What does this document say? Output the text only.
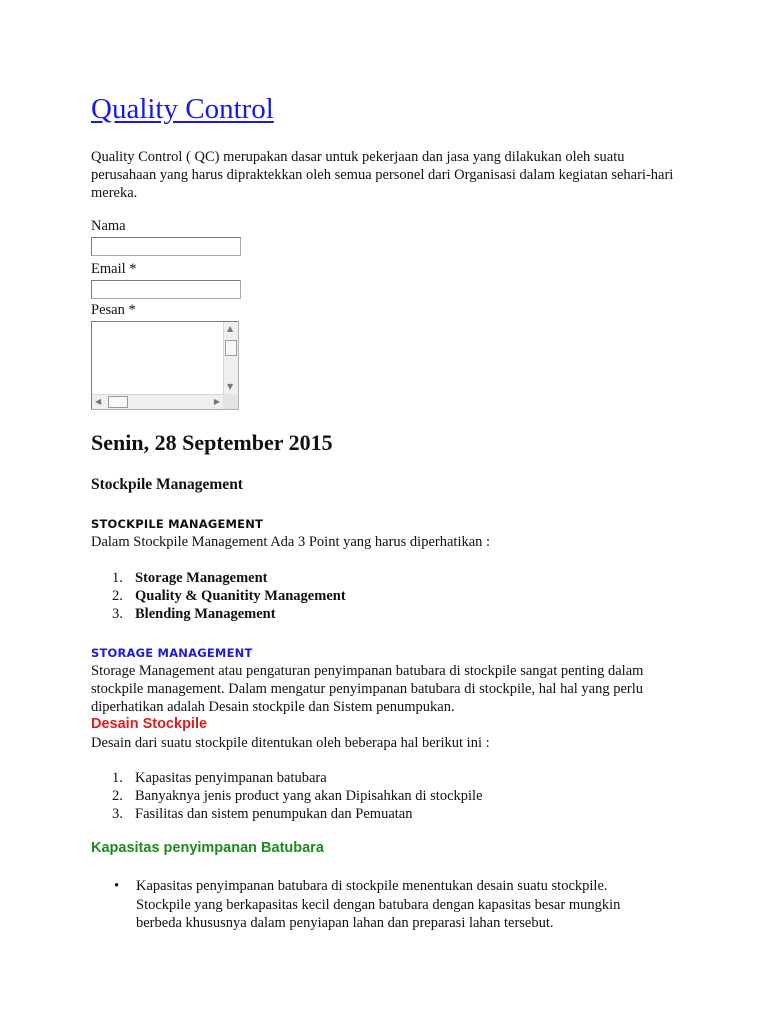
Quality Control

Quality Control ( QC) merupakan dasar untuk pekerjaan dan jasa yang dilakukan oleh suatu perusahaan yang harus dipraktekkan oleh semua personel dari Organisasi dalam kegiatan sehari-hari mereka.

Nama
Email *
Pesan *
▲
▼
◀	▶
Senin, 28 September 2015
Stockpile Management

STOCKPILE MANAGEMENT

Dalam Stockpile Management Ada 3 Point yang harus diperhatikan :

1. Storage Management
2. Quality & Quanitity Management
3. Blending Management

STORAGE MANAGEMENT

Storage Management atau pengaturan penyimpanan batubara di stockpile sangat penting dalam stockpile management. Dalam mengatur penyimpanan batubara di stockpile, hal hal yang perlu diperhatikan adalah Desain stockpile dan Sistem penumpukan.

Desain Stockpile

Desain dari suatu stockpile ditentukan oleh beberapa hal berikut ini :

1. Kapasitas penyimpanan batubara
2. Banyaknya jenis product yang akan Dipisahkan di stockpile
3. Fasilitas dan sistem penumpukan dan Pemuatan

Kapasitas penyimpanan Batubara

• Kapasitas penyimpanan batubara di stockpile menentukan desain suatu stockpile. Stockpile yang berkapasitas kecil dengan batubara dengan kapasitas besar mungkin berbeda khususnya dalam penyiapan lahan dan preparasi lahan tersebut.
